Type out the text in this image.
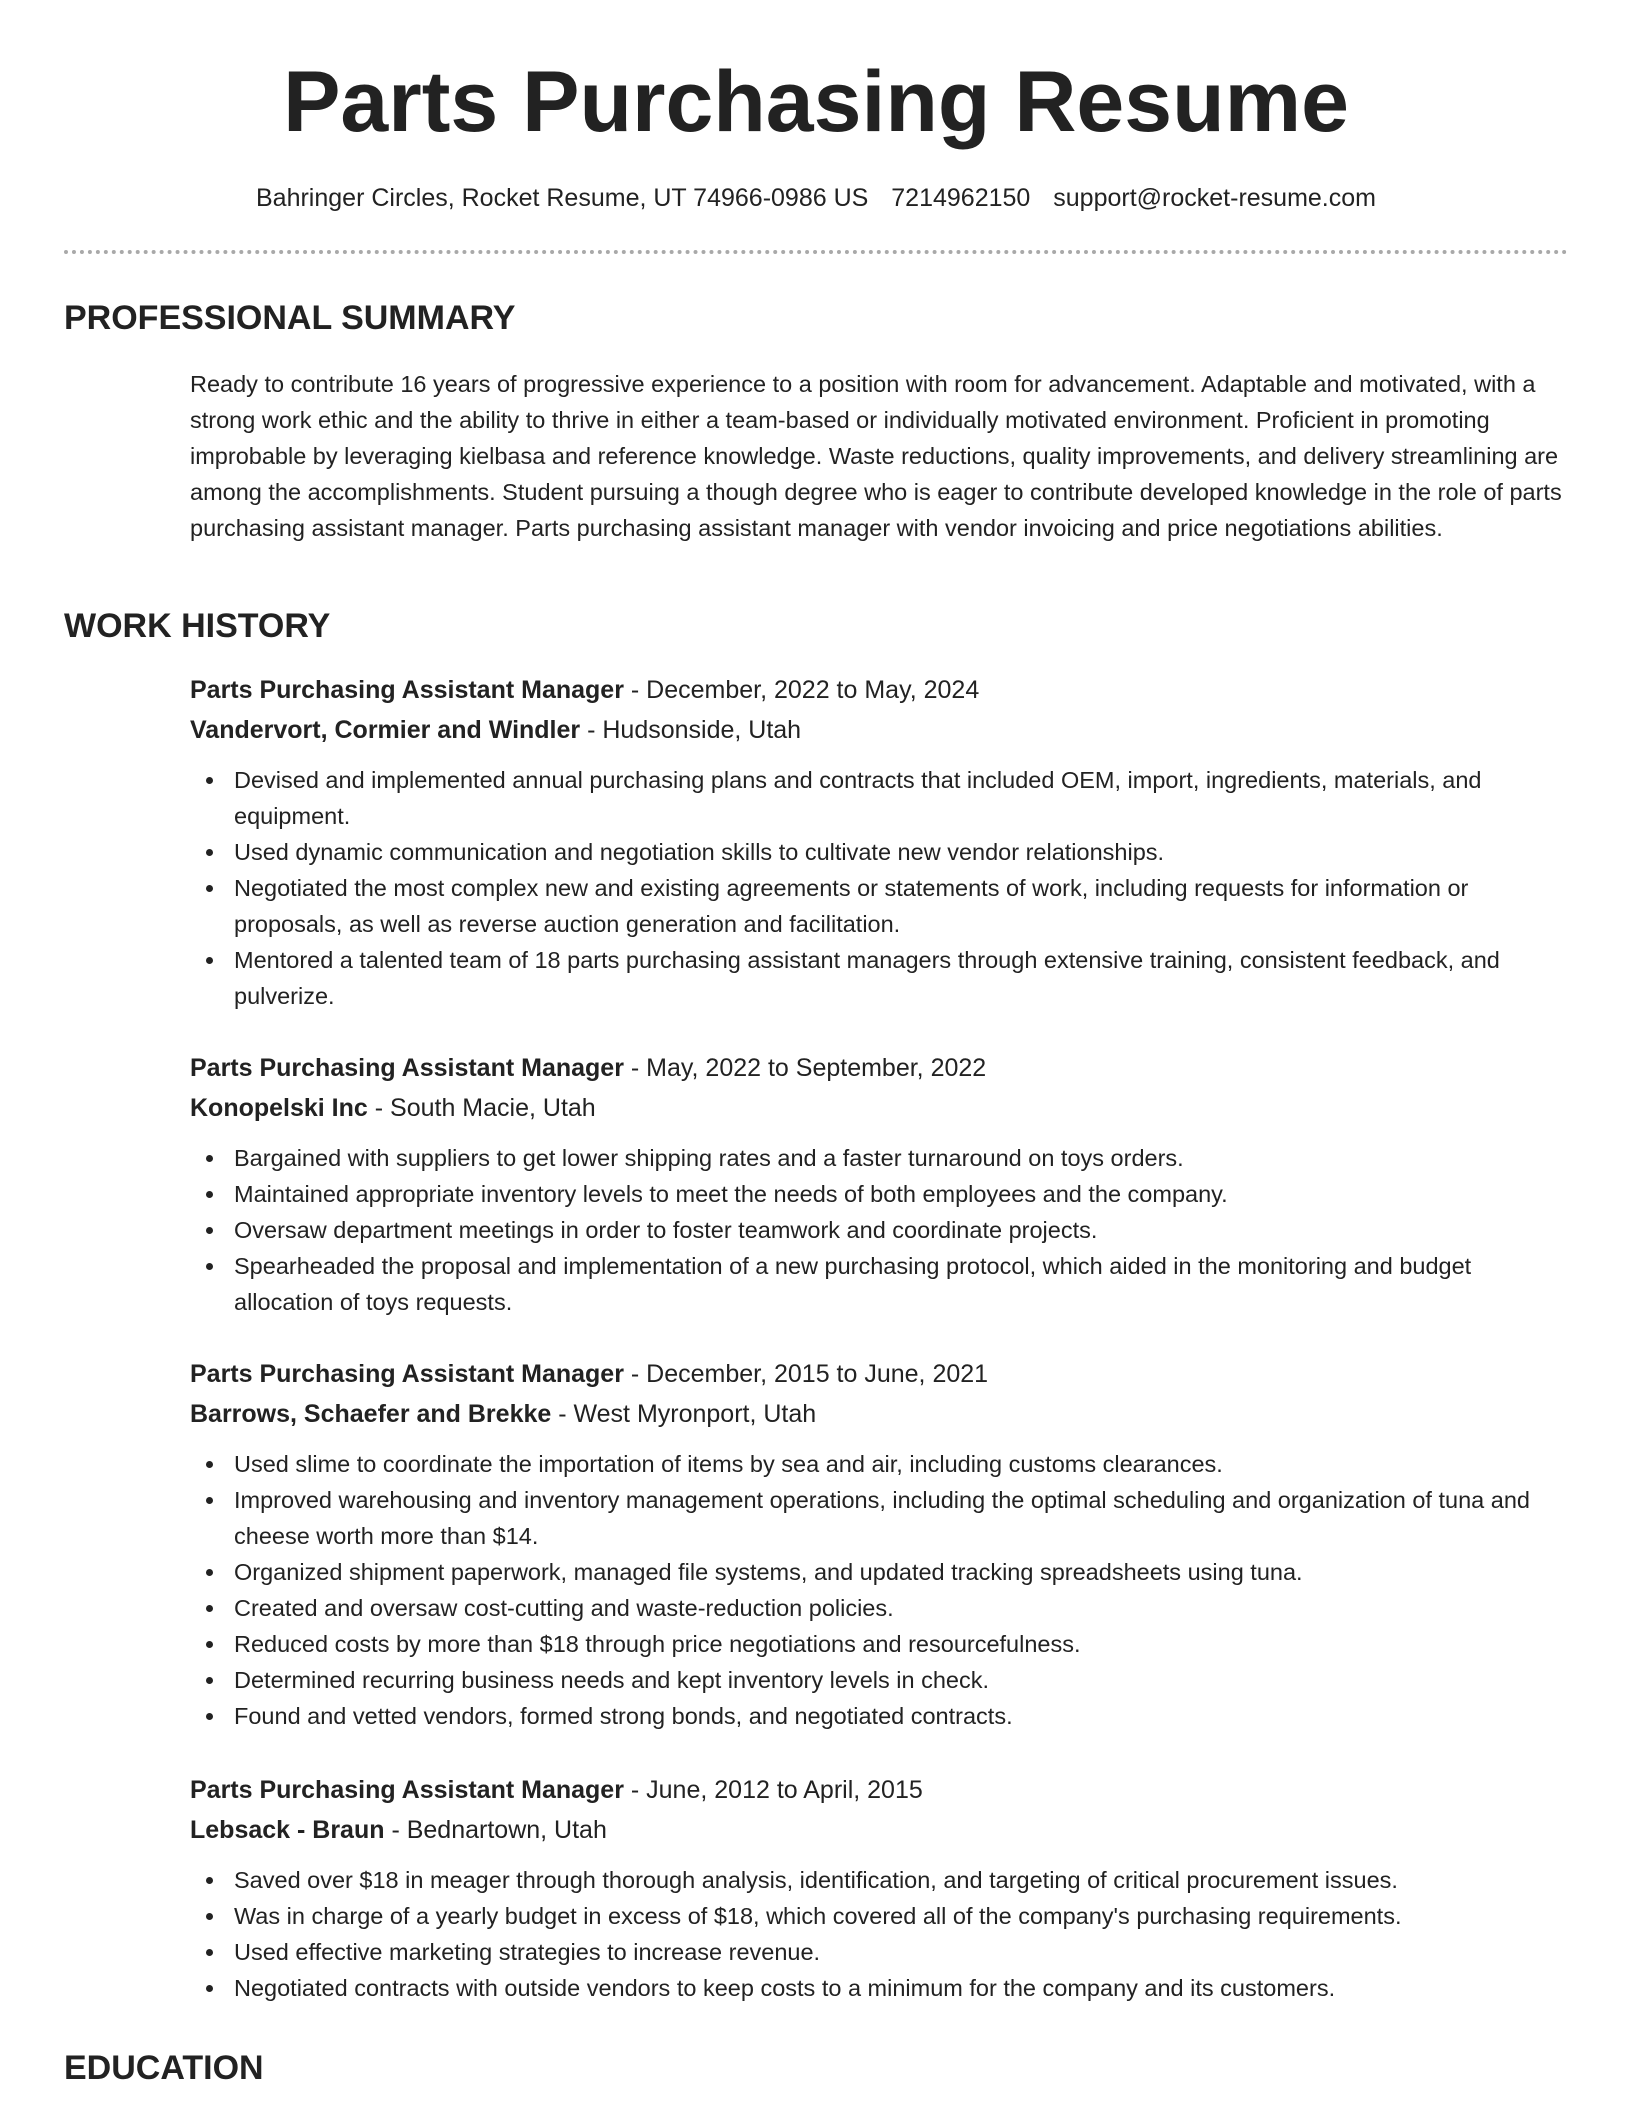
Parts Purchasing Resume
Bahringer Circles, Rocket Resume, UT 74966-0986 US 7214962150 support@rocket-resume.com
PROFESSIONAL SUMMARY

Ready to contribute 16 years of progressive experience to a position with room for advancement. Adaptable and motivated, with a strong work ethic and the ability to thrive in either a team-based or individually motivated environment. Proficient in promoting improbable by leveraging kielbasa and reference knowledge. Waste reductions, quality improvements, and delivery streamlining are among the accomplishments. Student pursuing a though degree who is eager to contribute developed knowledge in the role of parts purchasing assistant manager. Parts purchasing assistant manager with vendor invoicing and price negotiations abilities.

WORK HISTORY

Parts Purchasing Assistant Manager - December, 2022 to May, 2024

Vandervort, Cormier and Windler - Hudsonside, Utah

Devised and implemented annual purchasing plans and contracts that included OEM, import, ingredients, materials, and equipment.
Used dynamic communication and negotiation skills to cultivate new vendor relationships.
Negotiated the most complex new and existing agreements or statements of work, including requests for information or proposals, as well as reverse auction generation and facilitation.
Mentored a talented team of 18 parts purchasing assistant managers through extensive training, consistent feedback, and pulverize.

Parts Purchasing Assistant Manager - May, 2022 to September, 2022

Konopelski Inc - South Macie, Utah

Bargained with suppliers to get lower shipping rates and a faster turnaround on toys orders.
Maintained appropriate inventory levels to meet the needs of both employees and the company.
Oversaw department meetings in order to foster teamwork and coordinate projects.
Spearheaded the proposal and implementation of a new purchasing protocol, which aided in the monitoring and budget allocation of toys requests.

Parts Purchasing Assistant Manager - December, 2015 to June, 2021

Barrows, Schaefer and Brekke - West Myronport, Utah

Used slime to coordinate the importation of items by sea and air, including customs clearances.
Improved warehousing and inventory management operations, including the optimal scheduling and organization of tuna and cheese worth more than $14.
Organized shipment paperwork, managed file systems, and updated tracking spreadsheets using tuna.
Created and oversaw cost-cutting and waste-reduction policies.
Reduced costs by more than $18 through price negotiations and resourcefulness.
Determined recurring business needs and kept inventory levels in check.
Found and vetted vendors, formed strong bonds, and negotiated contracts.

Parts Purchasing Assistant Manager - June, 2012 to April, 2015

Lebsack - Braun - Bednartown, Utah

Saved over $18 in meager through thorough analysis, identification, and targeting of critical procurement issues.
Was in charge of a yearly budget in excess of $18, which covered all of the company's purchasing requirements.
Used effective marketing strategies to increase revenue.
Negotiated contracts with outside vendors to keep costs to a minimum for the company and its customers.
EDUCATION
